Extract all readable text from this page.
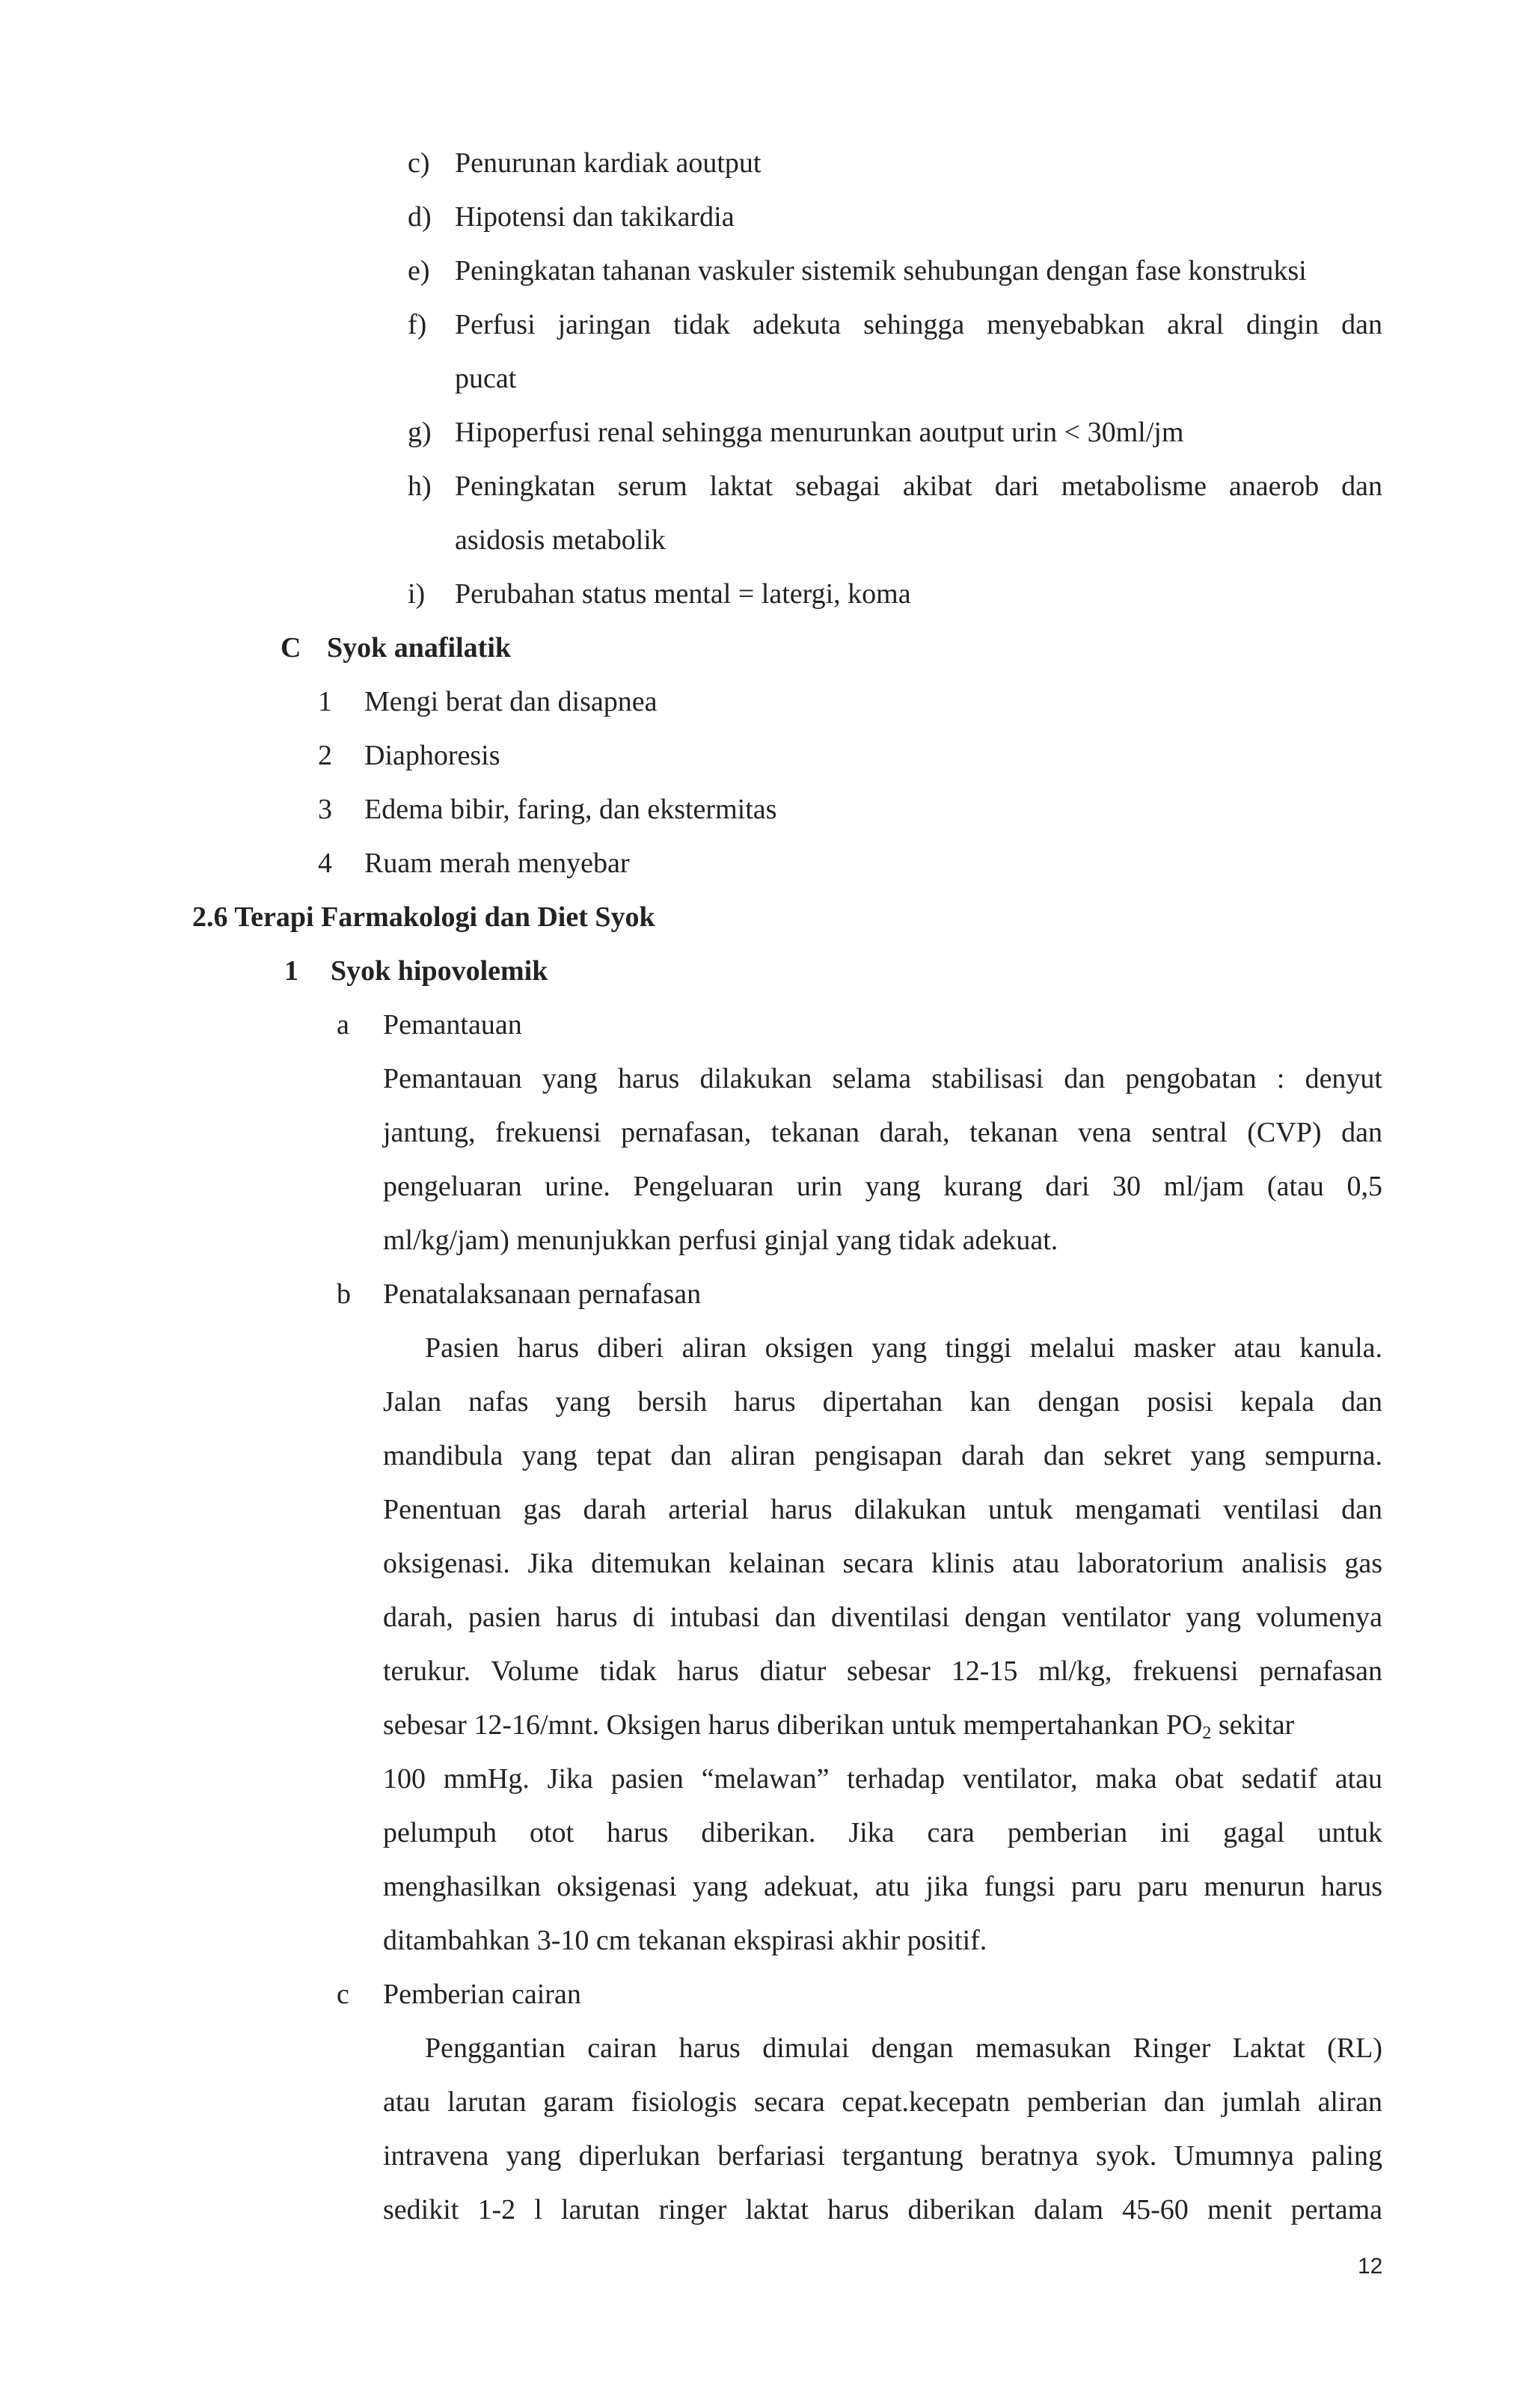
c) Penurunan kardiak aoutput
d) Hipotensi dan takikardia
e) Peningkatan tahanan vaskuler sistemik sehubungan dengan fase konstruksi
f) Perfusi jaringan tidak adekuta sehingga menyebabkan akral dingin dan
pucat
g) Hipoperfusi renal sehingga menurunkan aoutput urin < 30ml/jm
h) Peningkatan serum laktat sebagai akibat dari metabolisme anaerob dan
asidosis metabolik
i) Perubahan status mental = latergi, koma
C Syok anafilatik
1 Mengi berat dan disapnea
2 Diaphoresis
3 Edema bibir, faring, dan ekstermitas
4 Ruam merah menyebar
2.6 Terapi Farmakologi dan Diet Syok
1 Syok hipovolemik
a Pemantauan
Pemantauan yang harus dilakukan selama stabilisasi dan pengobatan : denyut
jantung, frekuensi pernafasan, tekanan darah, tekanan vena sentral (CVP) dan
pengeluaran urine. Pengeluaran urin yang kurang dari 30 ml/jam (atau 0,5
ml/kg/jam) menunjukkan perfusi ginjal yang tidak adekuat.
b Penatalaksanaan pernafasan
Pasien harus diberi aliran oksigen yang tinggi melalui masker atau kanula.
Jalan nafas yang bersih harus dipertahan kan dengan posisi kepala dan
mandibula yang tepat dan aliran pengisapan darah dan sekret yang sempurna.
Penentuan gas darah arterial harus dilakukan untuk mengamati ventilasi dan
oksigenasi. Jika ditemukan kelainan secara klinis atau laboratorium analisis gas
darah, pasien harus di intubasi dan diventilasi dengan ventilator yang volumenya
terukur. Volume tidak harus diatur sebesar 12-15 ml/kg, frekuensi pernafasan
sebesar 12-16/mnt. Oksigen harus diberikan untuk mempertahankan $PO_2$ sekitar
100 mmHg. Jika pasien “melawan” terhadap ventilator, maka obat sedatif atau
pelumpuh otot harus diberikan. Jika cara pemberian ini gagal untuk
menghasilkan oksigenasi yang adekuat, atu jika fungsi paru paru menurun harus
ditambahkan 3-10 cm tekanan ekspirasi akhir positif.
c Pemberian cairan
Penggantian cairan harus dimulai dengan memasukan Ringer Laktat (RL)
atau larutan garam fisiologis secara cepat.kecepatn pemberian dan jumlah aliran
intravena yang diperlukan berfariasi tergantung beratnya syok. Umumnya paling
sedikit 1-2 l larutan ringer laktat harus diberikan dalam 45-60 menit pertama
12
